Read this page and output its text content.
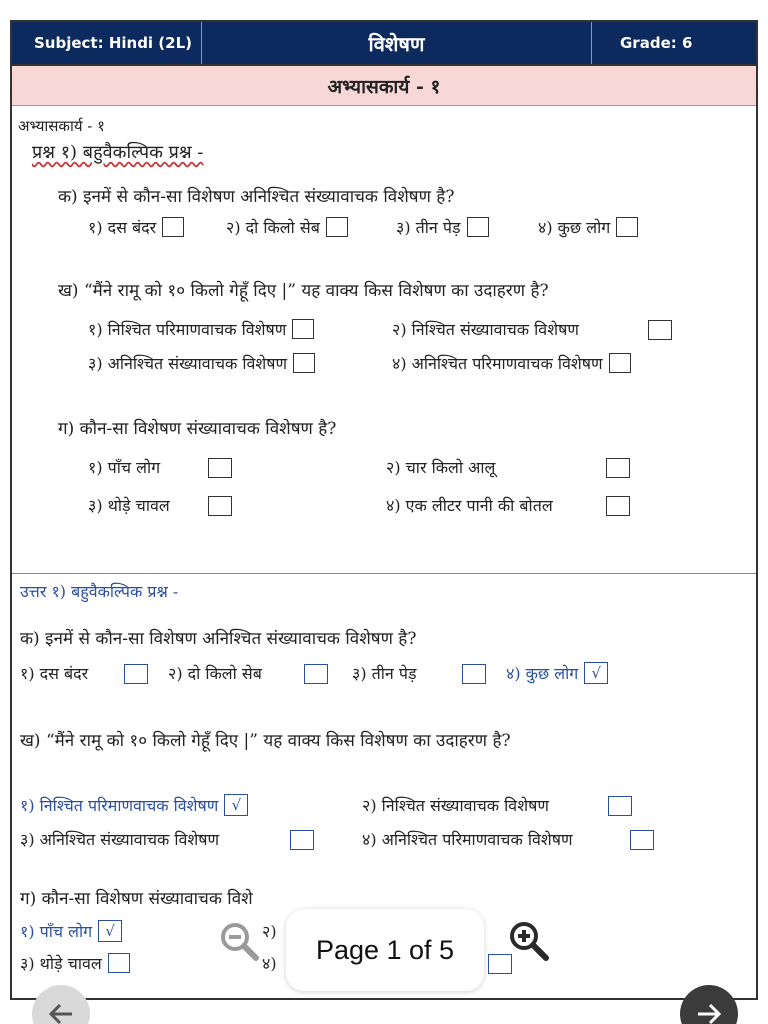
Subject: Hindi (2L)	विशेषण	Grade: 6
अभ्यासकार्य - १
अभ्यासकार्य - १
प्रश्न १) बहुवैकल्पिक प्रश्न -
क) इनमें से कौन-सा विशेषण अनिश्चित संख्यावाचक विशेषण है?
१) दस बंदर	२) दो किलो सेब	३) तीन पेड़	४) कुछ लोग
ख) “मैंने रामू को १० किलो गेहूँ दिए |” यह वाक्य किस विशेषण का उदाहरण है?
१) निश्चित परिमाणवाचक विशेषण	२) निश्चित संख्यावाचक विशेषण
३) अनिश्चित संख्यावाचक विशेषण	४) अनिश्चित परिमाणवाचक विशेषण
ग) कौन-सा विशेषण संख्यावाचक विशेषण है?
१) पाँच लोग	२) चार किलो आलू
३) थोड़े चावल	४) एक लीटर पानी की बोतल
उत्तर १) बहुवैकल्पिक प्रश्न -
क) इनमें से कौन-सा विशेषण अनिश्चित संख्यावाचक विशेषण है?
१) दस बंदर	२) दो किलो सेब	३) तीन पेड़	४) कुछ लोग √
ख) “मैंने रामू को १० किलो गेहूँ दिए |” यह वाक्य किस विशेषण का उदाहरण है?
१) निश्चित परिमाणवाचक विशेषण √	२) निश्चित संख्यावाचक विशेषण
३) अनिश्चित संख्यावाचक विशेषण	४) अनिश्चित परिमाणवाचक विशेषण
ग) कौन-सा विशेषण संख्यावाचक विशे
१) पाँच लोग √	२)
३) थोड़े चावल	४)	Page 1 of 5
